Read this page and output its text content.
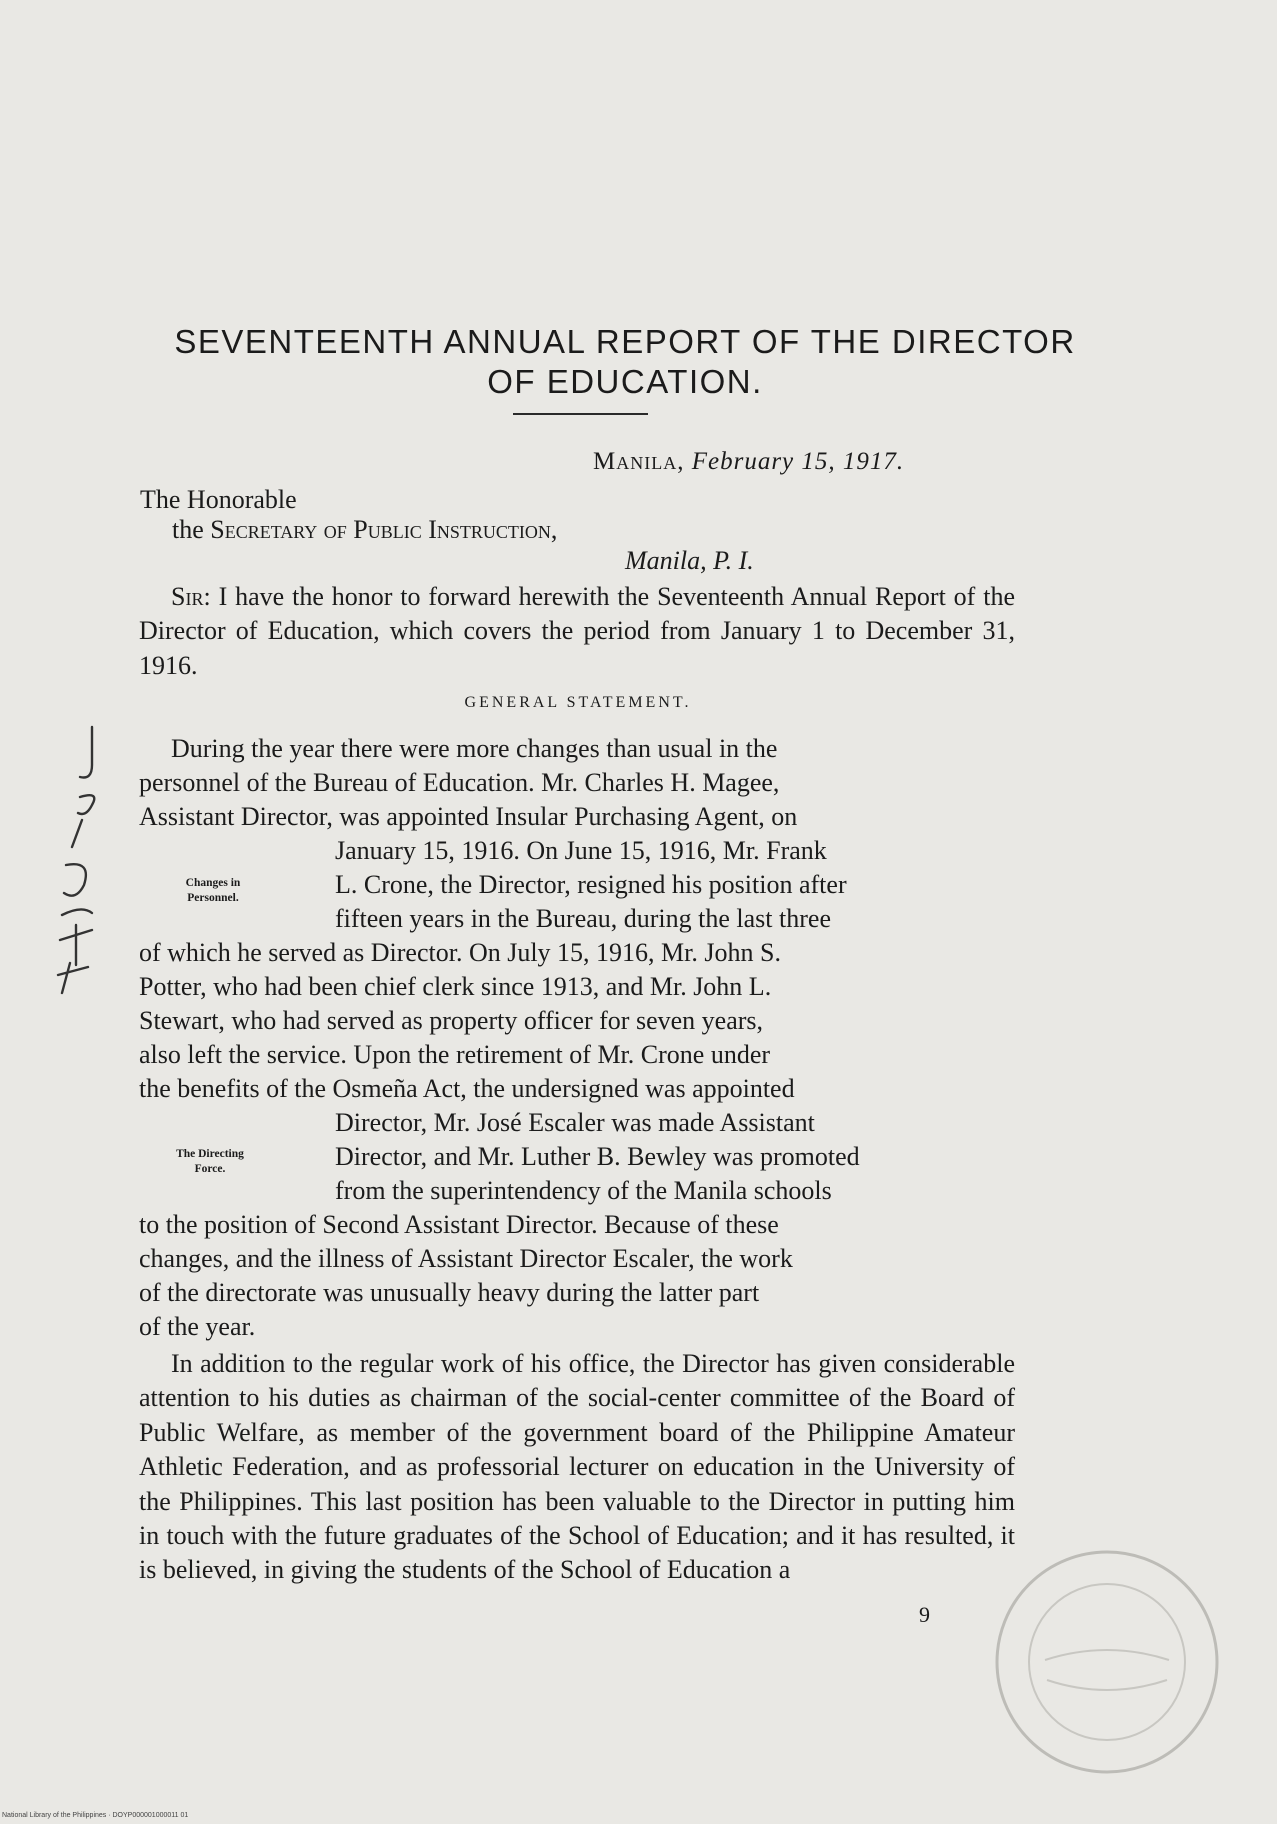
SEVENTEENTH ANNUAL REPORT OF THE DIRECTOR
OF EDUCATION.
Manila, February 15, 1917.
The Honorable
the Secretary of Public Instruction,
Manila, P. I.

Sir: I have the honor to forward herewith the Seventeenth Annual Report of the Director of Education, which covers the period from January 1 to December 31, 1916.

GENERAL STATEMENT.
During the year there were more changes than usual in the
personnel of the Bureau of Education. Mr. Charles H. Magee,
Assistant Director, was appointed Insular Purchasing Agent, on
January 15, 1916. On June 15, 1916, Mr. Frank
L. Crone, the Director, resigned his position after
fifteen years in the Bureau, during the last three
of which he served as Director. On July 15, 1916, Mr. John S.
Potter, who had been chief clerk since 1913, and Mr. John L.
Stewart, who had served as property officer for seven years,
also left the service. Upon the retirement of Mr. Crone under
the benefits of the Osmeña Act, the undersigned was appointed
Director, Mr. José Escaler was made Assistant
Director, and Mr. Luther B. Bewley was promoted
from the superintendency of the Manila schools
to the position of Second Assistant Director. Because of these
changes, and the illness of Assistant Director Escaler, the work
of the directorate was unusually heavy during the latter part
of the year.
Changes in
Personnel.
The Directing
Force.

In addition to the regular work of his office, the Director has given considerable attention to his duties as chairman of the social-center committee of the Board of Public Welfare, as member of the government board of the Philippine Amateur Athletic Federation, and as professorial lecturer on education in the University of the Philippines. This last position has been valuable to the Director in putting him in touch with the future graduates of the School of Education; and it has resulted, it is believed, in giving the students of the School of Education a

9
National Library of the Philippines · DOYP000001000011 01
